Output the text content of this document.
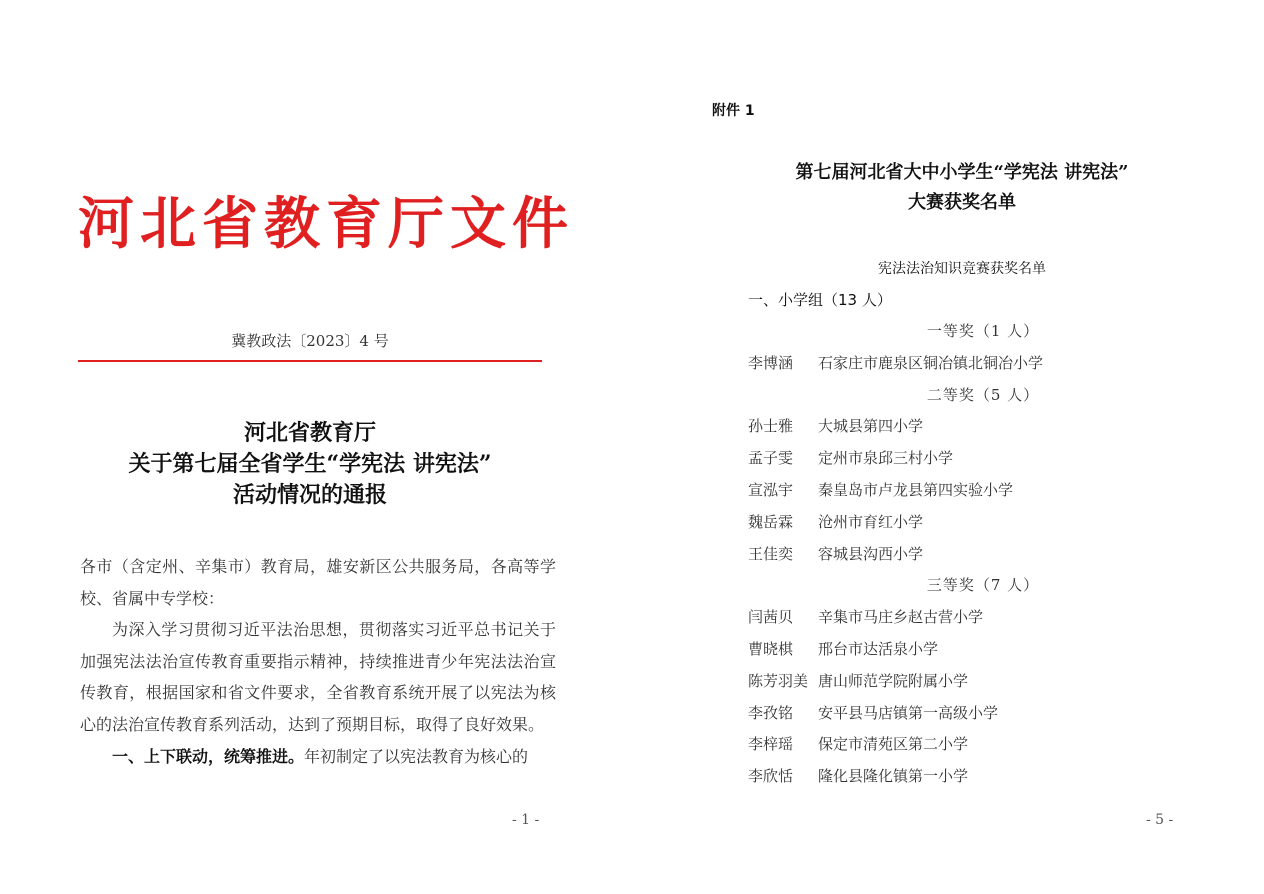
河北省教育厅文件
冀教政法〔2023〕4 号
河北省教育厅
关于第七届全省学生“学宪法 讲宪法”
活动情况的通报

各市（含定州、辛集市）教育局，雄安新区公共服务局，各高等学校、省属中专学校：

为深入学习贯彻习近平法治思想，贯彻落实习近平总书记关于加强宪法法治宣传教育重要指示精神，持续推进青少年宪法法治宣传教育，根据国家和省文件要求，全省教育系统开展了以宪法为核心的法治宣传教育系列活动，达到了预期目标，取得了良好效果。

一、上下联动，统筹推进。年初制定了以宪法教育为核心的

- 1 -
附件 1
第七届河北省大中小学生“学宪法 讲宪法”
大赛获奖名单
宪法法治知识竞赛获奖名单
一、小学组（13 人）
一等奖（1 人）
李博涵 石家庄市鹿泉区铜冶镇北铜冶小学
二等奖（5 人）
孙士雅 大城县第四小学
孟子雯 定州市泉邱三村小学
宣泓宇 秦皇岛市卢龙县第四实验小学
魏岳霖 沧州市育红小学
王佳奕 容城县沟西小学
三等奖（7 人）
闫茜贝 辛集市马庄乡赵古营小学
曹晓棋 邢台市达活泉小学
陈芳羽美 唐山师范学院附属小学
李孜铭 安平县马店镇第一高级小学
李梓瑶 保定市清苑区第二小学
李欣恬 隆化县隆化镇第一小学
- 5 -
